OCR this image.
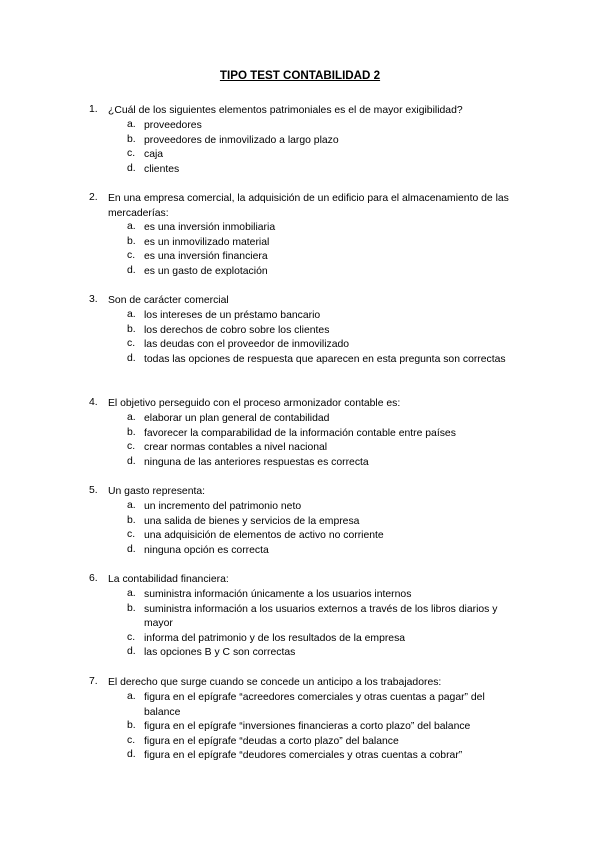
TIPO TEST CONTABILIDAD 2
1. ¿Cuál de los siguientes elementos patrimoniales es el de mayor exigibilidad?
a. proveedores
b. proveedores de inmovilizado a largo plazo
c. caja
d. clientes
2. En una empresa comercial, la adquisición de un edificio para el almacenamiento de las mercaderías:
a. es una inversión inmobiliaria
b. es un inmovilizado material
c. es una inversión financiera
d. es un gasto de explotación
3. Son de carácter comercial
a. los intereses de un préstamo bancario
b. los derechos de cobro sobre los clientes
c. las deudas con el proveedor de inmovilizado
d. todas las opciones de respuesta que aparecen en esta pregunta son correctas
4. El objetivo perseguido con el proceso armonizador contable es:
a. elaborar un plan general de contabilidad
b. favorecer la comparabilidad de la información contable entre países
c. crear normas contables a nivel nacional
d. ninguna de las anteriores respuestas es correcta
5. Un gasto representa:
a. un incremento del patrimonio neto
b. una salida de bienes y servicios de la empresa
c. una adquisición de elementos de activo no corriente
d. ninguna opción es correcta
6. La contabilidad financiera:
a. suministra información únicamente a los usuarios internos
b. suministra información a los usuarios externos a través de los libros diarios y mayor
c. informa del patrimonio y de los resultados de la empresa
d. las opciones B y C son correctas
7. El derecho que surge cuando se concede un anticipo a los trabajadores:
a. figura en el epígrafe “acreedores comerciales y otras cuentas a pagar” del balance
b. figura en el epígrafe “inversiones financieras a corto plazo” del balance
c. figura en el epígrafe “deudas a corto plazo” del balance
d. figura en el epígrafe “deudores comerciales y otras cuentas a cobrar”
